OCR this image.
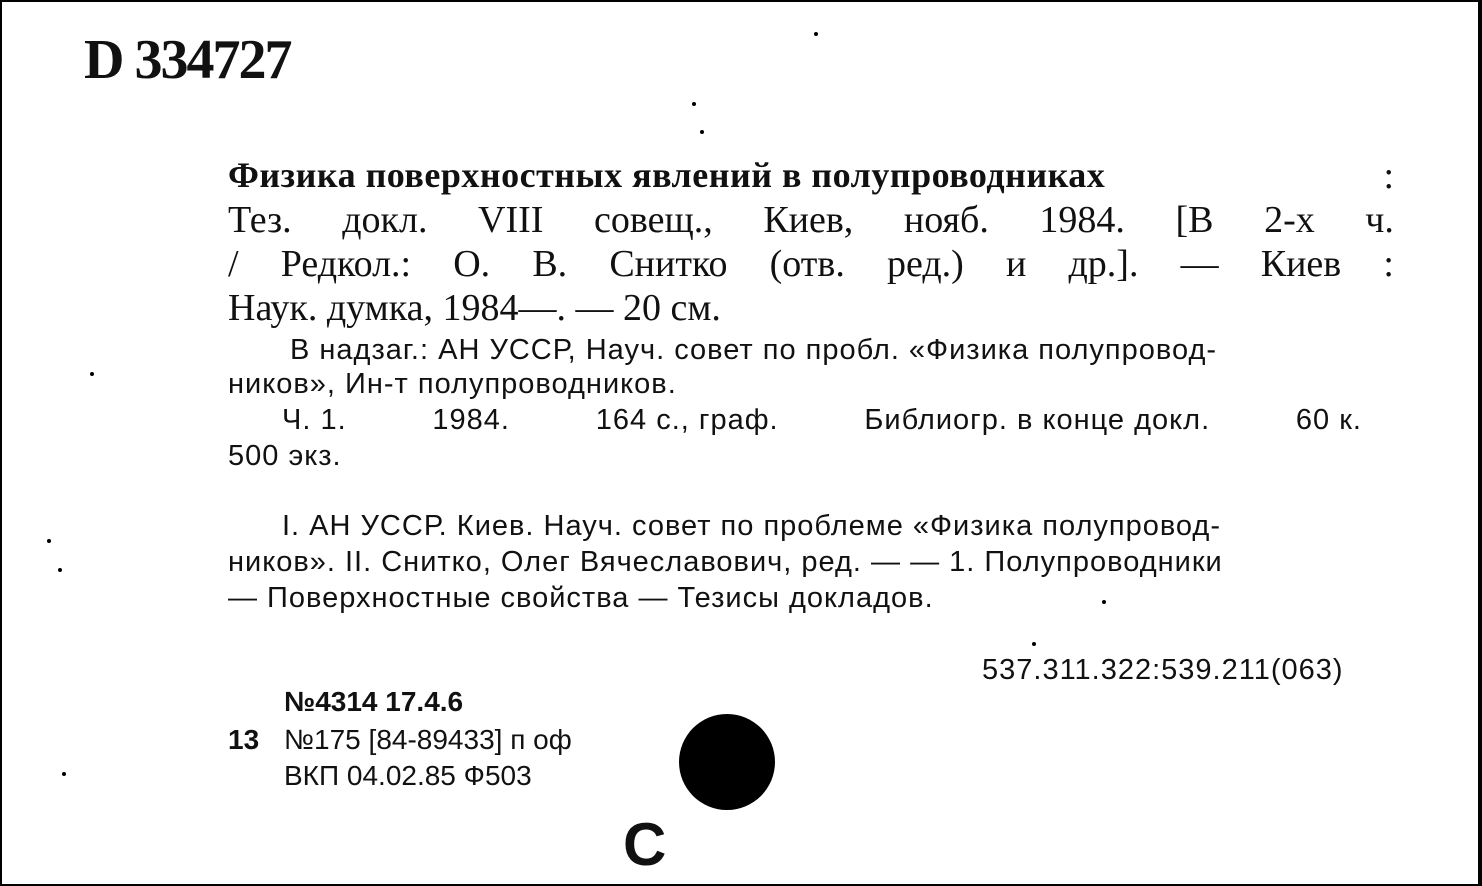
D 334727
Физика поверхностных явлений в полупроводниках	:
Тез. докл. VIII совещ., Киев, нояб. 1984. [В 2-х ч.
/ Редкол.: О. В. Снитко (отв. ред.) и др.]. — Киев :
Наук. думка, 1984—. — 20 см.
В надзаг.: АН УССР, Науч. совет по пробл. «Физика полупровод-
ников», Ин-т полупроводников.
Ч. 1.	1984.	164 с., граф.	Библиогр. в конце докл.	60 к.
500 экз.
I. АН УССР. Киев. Науч. совет по проблеме «Физика полупровод-
ников». II. Снитко, Олег Вячеславович, ред. — — 1. Полупроводники
— Поверхностные свойства — Тезисы докладов.
537.311.322:539.211(063)
№4314 17.4.6
13 №175 [84-89433] п оф
ВКП 04.02.85 Ф503
С
